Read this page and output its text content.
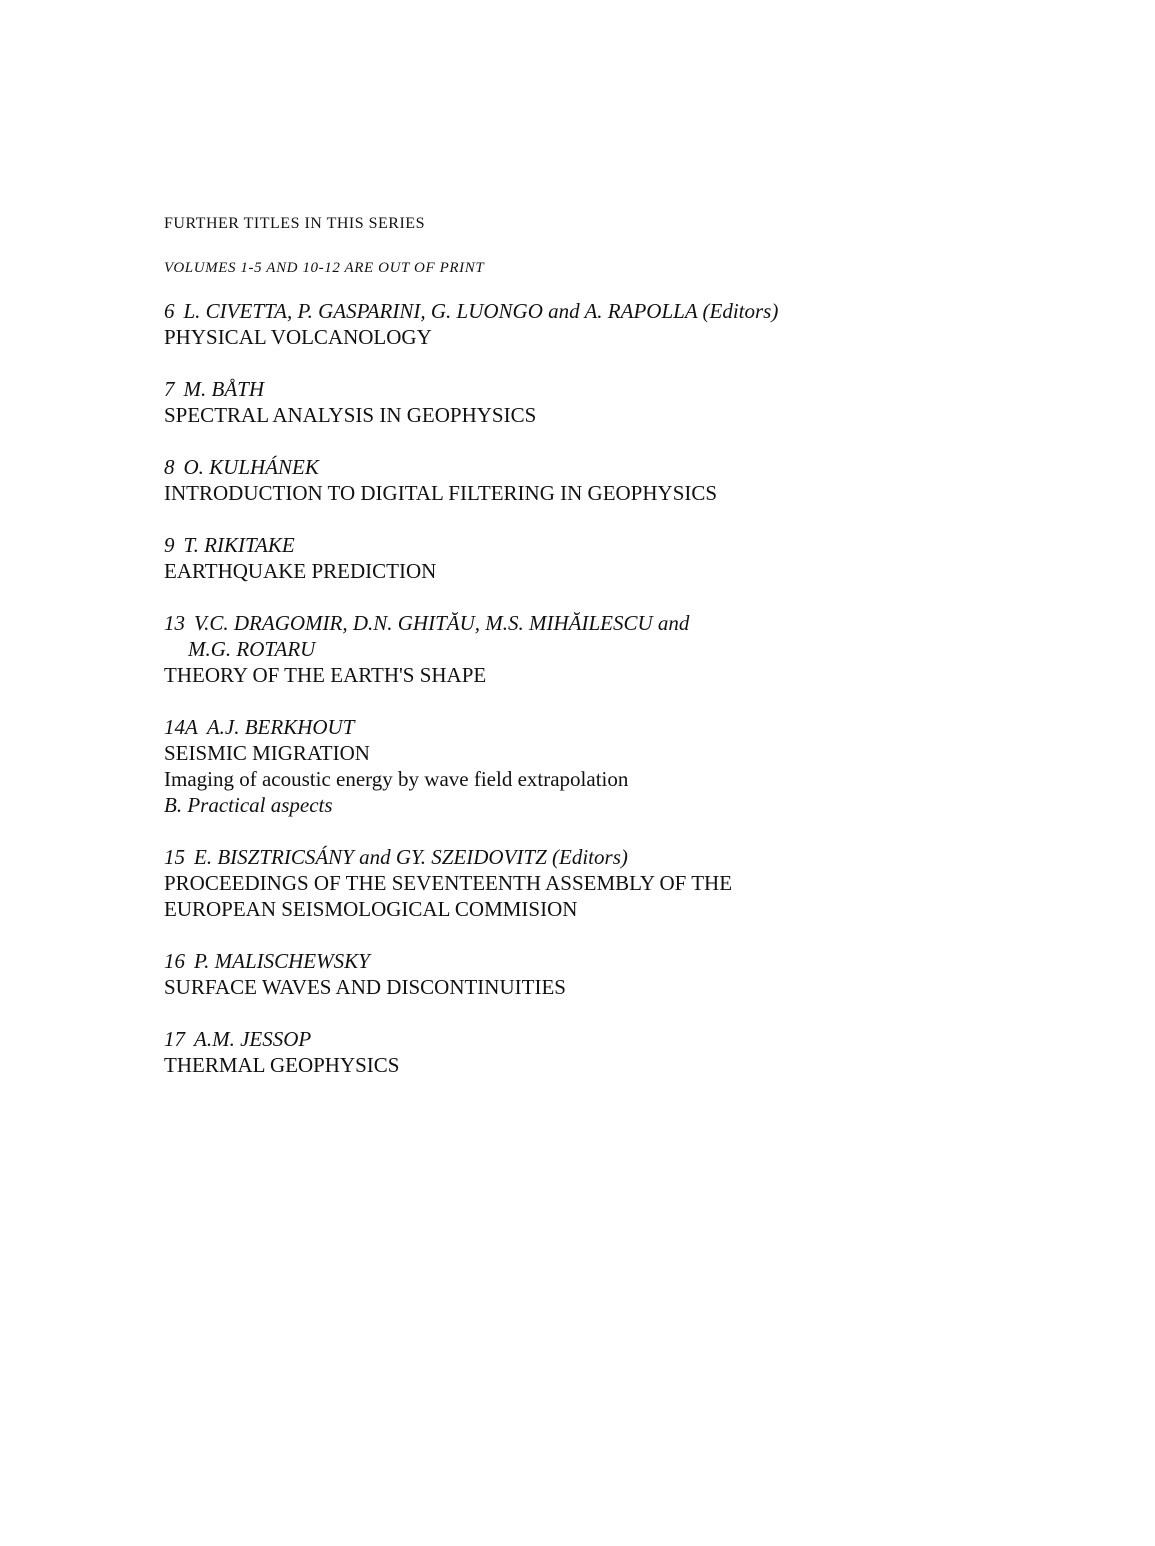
FURTHER TITLES IN THIS SERIES

VOLUMES 1-5 AND 10-12 ARE OUT OF PRINT

6 L. CIVETTA, P. GASPARINI, G. LUONGO and A. RAPOLLA (Editors)
PHYSICAL VOLCANOLOGY
7 M. BÅTH
SPECTRAL ANALYSIS IN GEOPHYSICS
8 O. KULHÁNEK
INTRODUCTION TO DIGITAL FILTERING IN GEOPHYSICS
9 T. RIKITAKE
EARTHQUAKE PREDICTION
13 V.C. DRAGOMIR, D.N. GHITĂU, M.S. MIHĂILESCU and
M.G. ROTARU
THEORY OF THE EARTH'S SHAPE
14A A.J. BERKHOUT
SEISMIC MIGRATION
Imaging of acoustic energy by wave field extrapolation
B. Practical aspects
15 E. BISZTRICSÁNY and GY. SZEIDOVITZ (Editors)
PROCEEDINGS OF THE SEVENTEENTH ASSEMBLY OF THE
EUROPEAN SEISMOLOGICAL COMMISION
16 P. MALISCHEWSKY
SURFACE WAVES AND DISCONTINUITIES
17 A.M. JESSOP
THERMAL GEOPHYSICS
